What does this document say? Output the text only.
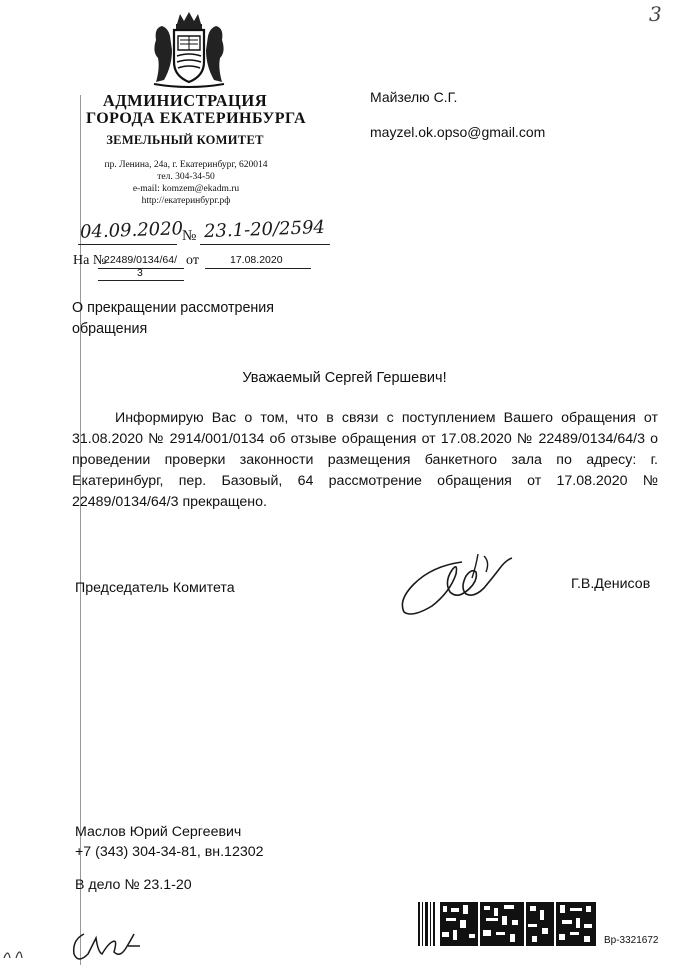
3
АДМИНИСТРАЦИЯ
ГОРОДА ЕКАТЕРИНБУРГА
ЗЕМЕЛЬНЫЙ КОМИТЕТ
пр. Ленина, 24а, г. Екатеринбург, 620014
тел. 304-34-50
e-mail: komzem@ekadm.ru
http://екатеринбург.рф
Майзелю С.Г.
mayzel.ok.opso@gmail.com
04.09.2020
№ 23.1-20/2594
На №
22489/0134/64/
3
от	17.08.2020
О прекращении рассмотрения
обращения
Уважаемый Сергей Гершевич!

Информирую Вас о том, что в связи с поступлением Вашего обращения от 31.08.2020 № 2914/001/0134 об отзыве обращения от 17.08.2020 № 22489/0134/64/3 о проведении проверки законности размещения банкетного зала по адресу: г. Екатеринбург, пер. Базовый, 64 рассмотрение обращения от 17.08.2020 № 22489/0134/64/3 прекращено.

Председатель Комитета	Г.В.Денисов
Маслов Юрий Сергеевич
+7 (343) 304-34-81, вн.12302
В дело № 23.1-20
Вр-3321672
